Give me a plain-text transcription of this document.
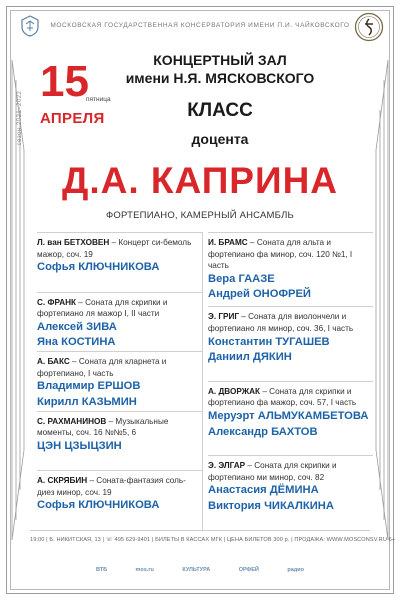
МОСКОВСКАЯ ГОСУДАРСТВЕННАЯ КОНСЕРВАТОРИЯ ИМЕНИ П.И. ЧАЙКОВСКОГО
сезон 2021–2022
15
пятница
АПРЕЛЯ
КОНЦЕРТНЫЙ ЗАЛ
имени Н.Я. МЯСКОВСКОГО
КЛАСС
доцента
Д.А. КАПРИНА
ФОРТЕПИАНО, КАМЕРНЫЙ АНСАМБЛЬ
Л. ван БЕТХОВЕН – Концерт си-бемоль мажор, соч. 19
Софья КЛЮЧНИКОВА
С. ФРАНК – Соната для скрипки и фортепиано ля мажор I, II части
Алексей ЗИВА
Яна КОСТИНА
А. БАКС – Соната для кларнета и фортепиано, I часть
Владимир ЕРШОВ
Кирилл КАЗЬМИН
С. РАХМАНИНОВ – Музыкальные моменты, соч. 16 №№5, 6
ЦЭН ЦЗЫЦЗИН
А. СКРЯБИН – Соната-фантазия соль-диез минор, соч. 19
Софья КЛЮЧНИКОВА
И. БРАМС – Соната для альта и фортепиано фа минор, соч. 120 №1, I часть
Вера ГААЗЕ
Андрей ОНОФРЕЙ
Э. ГРИГ – Соната для виолончели и фортепиано ля минор, соч. 36, I часть
Константин ТУГАШЕВ
Даниил ДЯКИН
А. ДВОРЖАК – Соната для скрипки и фортепиано фа мажор, соч. 57, I часть
Меруэрт АЛЬМУКАМБЕТОВА
Александр БАХТОВ
Э. ЭЛГАР – Соната для скрипки и фортепиано ми минор, соч. 82
Анастасия ДЁМИНА
Виктория ЧИКАЛКИНА
19:00 | Б. НИКИТСКАЯ, 13 | ☏ 495 629-9401 | БИЛЕТЫ В КАССАХ МГК | ЦЕНА БИЛЕТОВ 300 р. | ПРОДАЖА: WWW.MOSCONSV.RU 6+
ВТБ	mos.ru	КУЛЬТУРА	ОРФЕЙ	радио
